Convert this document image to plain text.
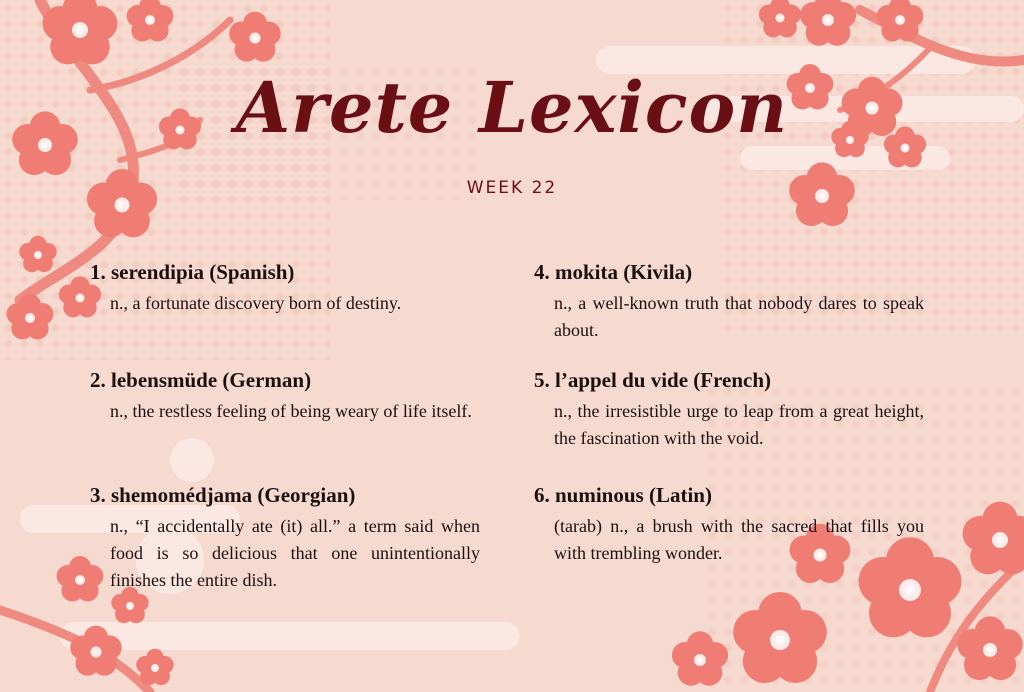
Arete Lexicon
WEEK 22
1. serendipia (Spanish)
n., a fortunate discovery born of destiny.
2. lebensmüde (German)
n., the restless feeling of being weary of life itself.
3. shemomédjama (Georgian)
n., “I accidentally ate (it) all.” a term said when food is so delicious that one unintentionally finishes the entire dish.
4. mokita (Kivila)
n., a well-known truth that nobody dares to speak about.
5. l’appel du vide (French)
n., the irresistible urge to leap from a great height, the fascination with the void.
6. numinous (Latin)
(tarab) n., a brush with the sacred that fills you with trembling wonder.
